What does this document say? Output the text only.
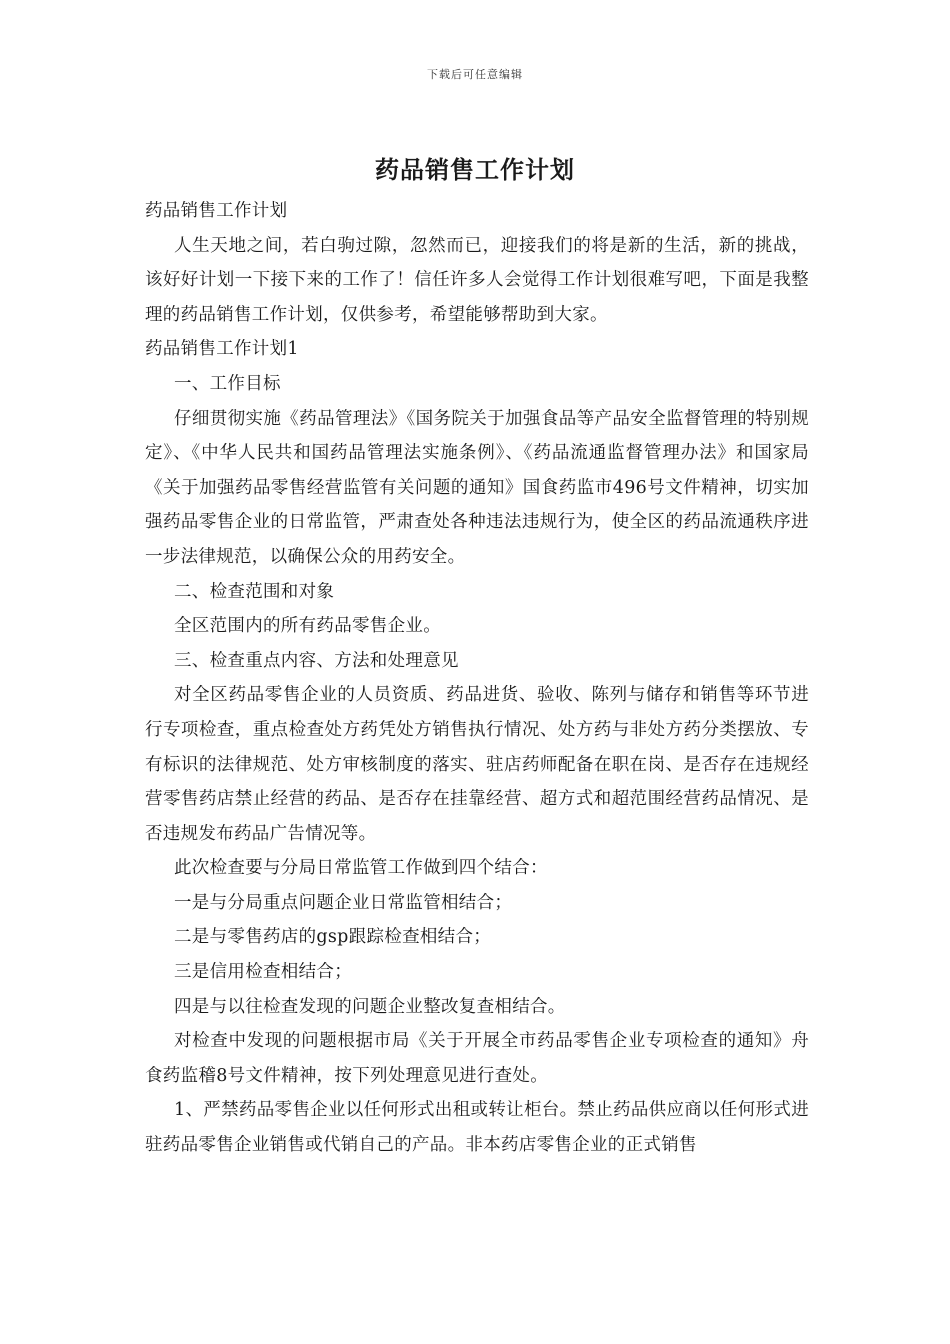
下载后可任意编辑
药品销售工作计划

药品销售工作计划

人生天地之间，若白驹过隙，忽然而已，迎接我们的将是新的生活，新的挑战，该好好计划一下接下来的工作了！信任许多人会觉得工作计划很难写吧，下面是我整理的药品销售工作计划，仅供参考，希望能够帮助到大家。

药品销售工作计划1

一、工作目标

仔细贯彻实施《药品管理法》《国务院关于加强食品等产品安全监督管理的特别规定》、《中华人民共和国药品管理法实施条例》、《药品流通监督管理办法》和国家局《关于加强药品零售经营监管有关问题的通知》国食药监市496号文件精神，切实加强药品零售企业的日常监管，严肃查处各种违法违规行为，使全区的药品流通秩序进一步法律规范，以确保公众的用药安全。

二、检查范围和对象

全区范围内的所有药品零售企业。

三、检查重点内容、方法和处理意见

对全区药品零售企业的人员资质、药品进货、验收、陈列与储存和销售等环节进行专项检查，重点检查处方药凭处方销售执行情况、处方药与非处方药分类摆放、专有标识的法律规范、处方审核制度的落实、驻店药师配备在职在岗、是否存在违规经营零售药店禁止经营的药品、是否存在挂靠经营、超方式和超范围经营药品情况、是否违规发布药品广告情况等。

此次检查要与分局日常监管工作做到四个结合：

一是与分局重点问题企业日常监管相结合；

二是与零售药店的gsp跟踪检查相结合；

三是信用检查相结合；

四是与以往检查发现的问题企业整改复查相结合。

对检查中发现的问题根据市局《关于开展全市药品零售企业专项检查的通知》舟食药监稽8号文件精神，按下列处理意见进行查处。

1、严禁药品零售企业以任何形式出租或转让柜台。禁止药品供应商以任何形式进驻药品零售企业销售或代销自己的产品。非本药店零售企业的正式销售
